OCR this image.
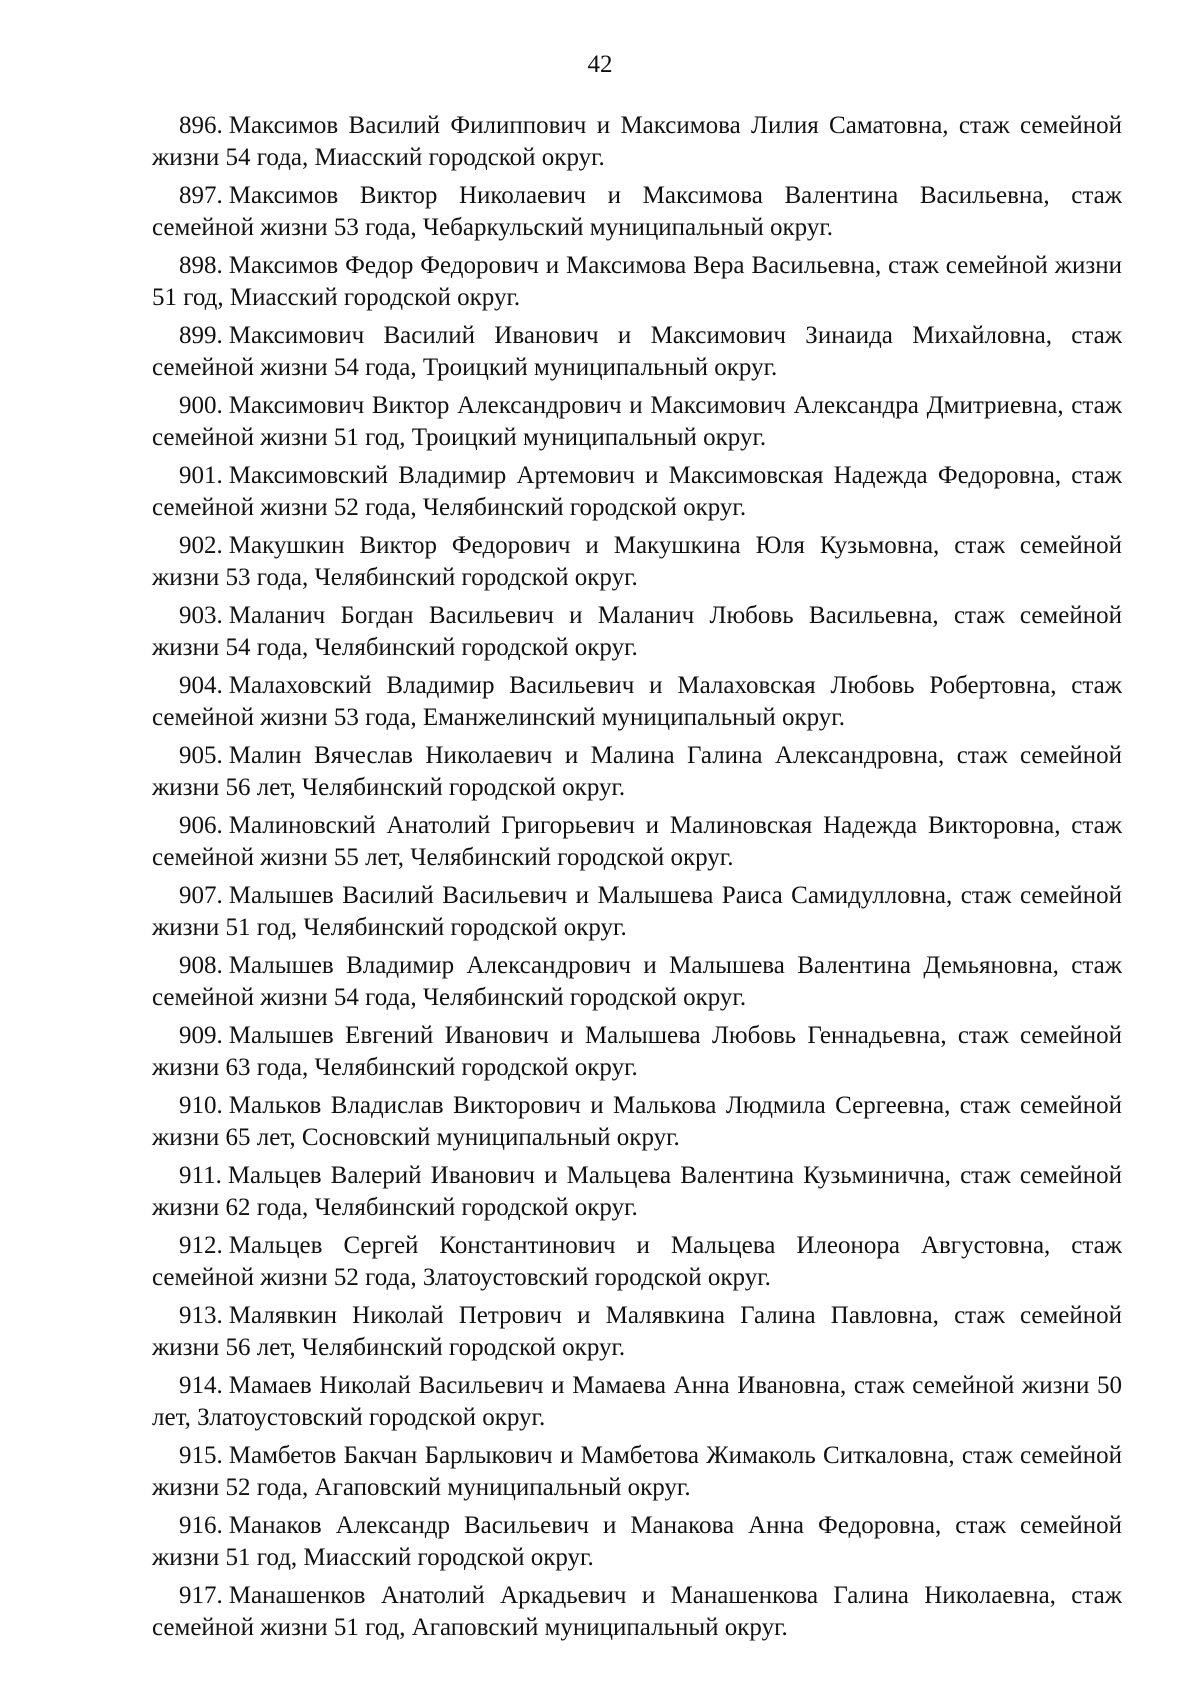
42
896. Максимов Василий Филиппович и Максимова Лилия Саматовна, стаж семейной жизни 54 года, Миасский городской округ.
897. Максимов Виктор Николаевич и Максимова Валентина Васильевна, стаж семейной жизни 53 года, Чебаркульский муниципальный округ.
898. Максимов Федор Федорович и Максимова Вера Васильевна, стаж семейной жизни 51 год, Миасский городской округ.
899. Максимович Василий Иванович и Максимович Зинаида Михайловна, стаж семейной жизни 54 года, Троицкий муниципальный округ.
900. Максимович Виктор Александрович и Максимович Александра Дмитриевна, стаж семейной жизни 51 год, Троицкий муниципальный округ.
901. Максимовский Владимир Артемович и Максимовская Надежда Федоровна, стаж семейной жизни 52 года, Челябинский городской округ.
902. Макушкин Виктор Федорович и Макушкина Юля Кузьмовна, стаж семейной жизни 53 года, Челябинский городской округ.
903. Маланич Богдан Васильевич и Маланич Любовь Васильевна, стаж семейной жизни 54 года, Челябинский городской округ.
904. Малаховский Владимир Васильевич и Малаховская Любовь Робертовна, стаж семейной жизни 53 года, Еманжелинский муниципальный округ.
905. Малин Вячеслав Николаевич и Малина Галина Александровна, стаж семейной жизни 56 лет, Челябинский городской округ.
906. Малиновский Анатолий Григорьевич и Малиновская Надежда Викторовна, стаж семейной жизни 55 лет, Челябинский городской округ.
907. Малышев Василий Васильевич и Малышева Раиса Самидулловна, стаж семейной жизни 51 год, Челябинский городской округ.
908. Малышев Владимир Александрович и Малышева Валентина Демьяновна, стаж семейной жизни 54 года, Челябинский городской округ.
909. Малышев Евгений Иванович и Малышева Любовь Геннадьевна, стаж семейной жизни 63 года, Челябинский городской округ.
910. Мальков Владислав Викторович и Малькова Людмила Сергеевна, стаж семейной жизни 65 лет, Сосновский муниципальный округ.
911. Мальцев Валерий Иванович и Мальцева Валентина Кузьминична, стаж семейной жизни 62 года, Челябинский городской округ.
912. Мальцев Сергей Константинович и Мальцева Илеонора Августовна, стаж семейной жизни 52 года, Златоустовский городской округ.
913. Малявкин Николай Петрович и Малявкина Галина Павловна, стаж семейной жизни 56 лет, Челябинский городской округ.
914. Мамаев Николай Васильевич и Мамаева Анна Ивановна, стаж семейной жизни 50 лет, Златоустовский городской округ.
915. Мамбетов Бакчан Барлыкович и Мамбетова Жимаколь Ситкаловна, стаж семейной жизни 52 года, Агаповский муниципальный округ.
916. Манаков Александр Васильевич и Манакова Анна Федоровна, стаж семейной жизни 51 год, Миасский городской округ.
917. Манашенков Анатолий Аркадьевич и Манашенкова Галина Николаевна, стаж семейной жизни 51 год, Агаповский муниципальный округ.
